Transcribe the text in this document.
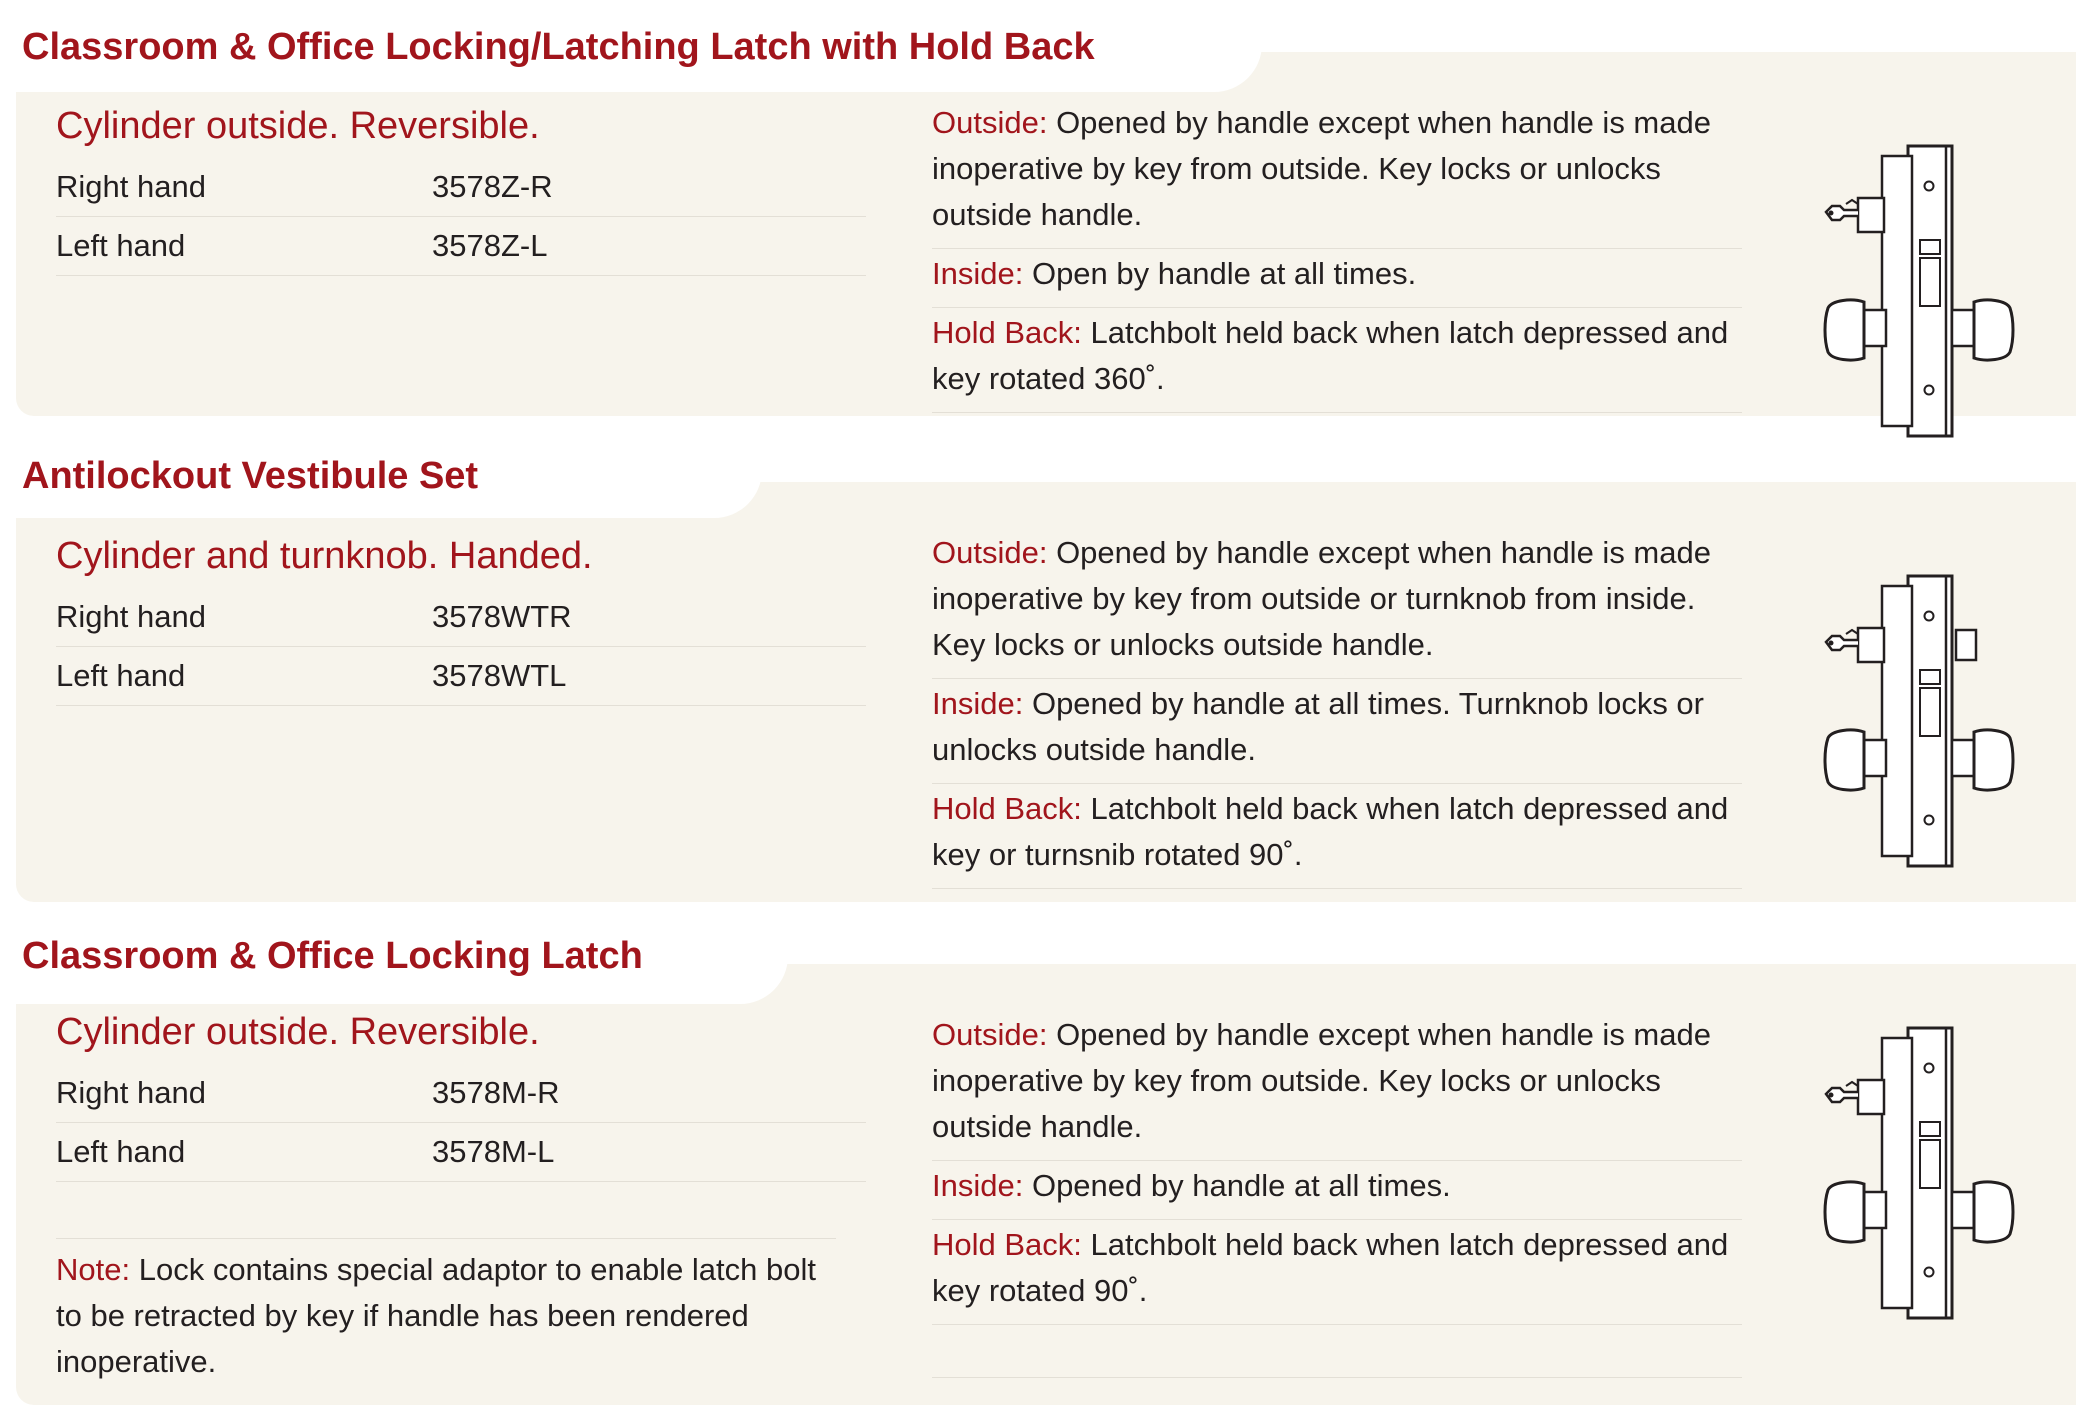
Classroom & Office Locking/Latching Latch with Hold Back

Cylinder outside. Reversible.

Right hand	3578Z-R
Left hand	3578Z-L
Outside: Opened by handle except when handle is made inoperative by key from outside. Key locks or unlocks outside handle.
Inside: Open by handle at all times.
Hold Back: Latchbolt held back when latch depressed and key rotated 360˚.
Antilockout Vestibule Set

Cylinder and turnknob. Handed.

Right hand	3578WTR
Left hand	3578WTL
Outside: Opened by handle except when handle is made inoperative by key from outside or turnknob from inside. Key locks or unlocks outside handle.
Inside: Opened by handle at all times. Turnknob locks or unlocks outside handle.
Hold Back: Latchbolt held back when latch depressed and key or turnsnib rotated 90˚.
Classroom & Office Locking Latch

Cylinder outside. Reversible.

Right hand	3578M-R
Left hand	3578M-L
Note: Lock contains special adaptor to enable latch bolt to be retracted by key if handle has been rendered inoperative.
Outside: Opened by handle except when handle is made inoperative by key from outside. Key locks or unlocks outside handle.
Inside: Opened by handle at all times.
Hold Back: Latchbolt held back when latch depressed and key rotated 90˚.
